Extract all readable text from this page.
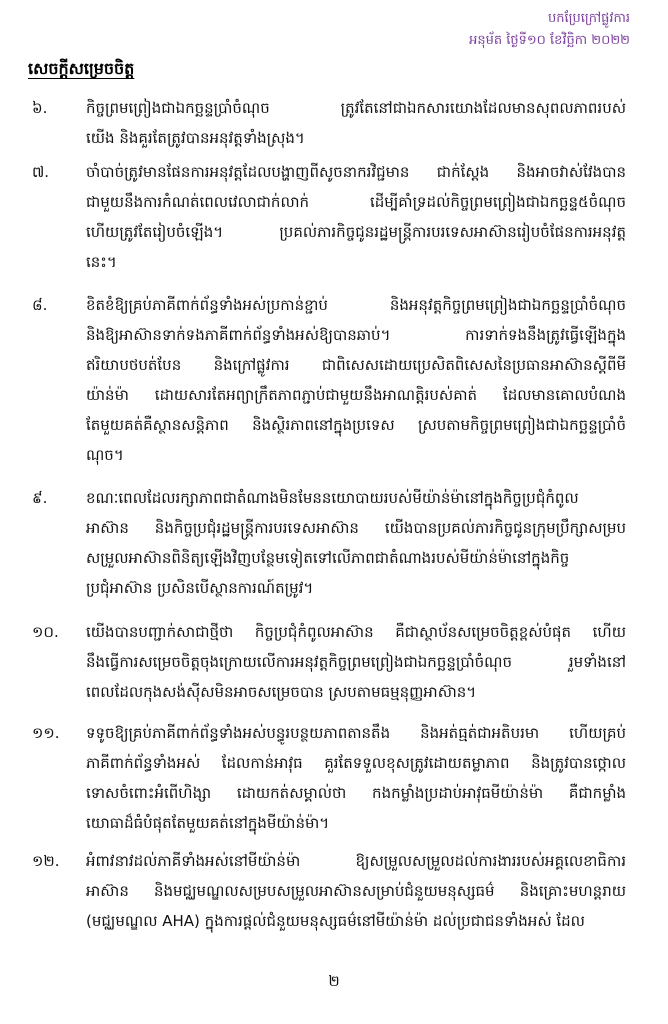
បកប្រែក្រៅផ្លូវការ
អនុម័ត ថ្ងៃទី១០ ខែវិច្ឆិកា ២០២២
សេចក្តីសម្រេចចិត្ត
៦.	កិច្ចព្រមព្រៀងជាឯកច្ឆន្ទប្រាំចំណុច ត្រូវតែនៅជាឯកសារយោងដែលមានសុពលភាពរបស់
យើង និងគួរតែត្រូវបានអនុវត្តទាំងស្រុង។
៧.	ចាំបាច់ត្រូវមានផែនការអនុវត្តដែលបង្ហាញពីសូចនាករវិជ្ជមាន ជាក់ស្តែង និងអាចវាស់វែងបាន
ជាមួយនឹងការកំណត់ពេលវេលាជាក់លាក់ ដើម្បីគាំទ្រដល់កិច្ចព្រមព្រៀងជាឯកច្ឆន្ទ៥ចំណុច
ហើយត្រូវតែរៀបចំឡើង។ ប្រគល់ភារកិច្ចជូនរដ្ឋមន្ត្រីការបរទេសអាស៊ានរៀបចំផែនការអនុវត្ត
នេះ។
៨.	ខិតខំឱ្យគ្រប់ភាគីពាក់ព័ន្ធទាំងអស់ប្រកាន់ខ្ជាប់ និងអនុវត្តកិច្ចព្រមព្រៀងជាឯកច្ឆន្ទប្រាំចំណុច
និងឱ្យអាស៊ានទាក់ទងភាគីពាក់ព័ន្ធទាំងអស់ឱ្យបានឆាប់។ ការទាក់ទងនឹងត្រូវធ្វើឡើងក្នុង
ឥរិយាបថបត់បែន និងក្រៅផ្លូវការ ជាពិសេសដោយប្រេសិតពិសេសនៃប្រធានអាស៊ានស្តីពីមី
យ៉ាន់ម៉ា ដោយសារតែអព្យាក្រឹតភាពភ្ជាប់ជាមួយនឹងអាណត្តិរបស់គាត់ ដែលមានគោលបំណង
តែមួយគត់គឺស្ថានសន្តិភាព និងស្ថិរភាពនៅក្នុងប្រទេស ស្របតាមកិច្ចព្រមព្រៀងជាឯកច្ឆន្ទប្រាំចំ
ណុច។
៩.	ខណៈពេលដែលរក្សាភាពជាតំណាងមិនមែននយោបាយរបស់មីយ៉ាន់ម៉ានៅក្នុងកិច្ចប្រជុំកំពូល
អាស៊ាន និងកិច្ចប្រជុំរដ្ឋមន្ត្រីការបរទេសអាស៊ាន យើងបានប្រគល់ភារកិច្ចជូនក្រុមប្រឹក្សាសម្រប
សម្រួលអាស៊ានពិនិត្យឡើងវិញបន្ថែមទៀតទៅលើភាពជាតំណាងរបស់មីយ៉ាន់ម៉ានៅក្នុងកិច្ច
ប្រជុំអាស៊ាន ប្រសិនបើស្ថានការណ៍តម្រូវ។
១០.	យើងបានបញ្ជាក់សាជាថ្មីថា កិច្ចប្រជុំកំពូលអាស៊ាន គឺជាស្ថាប័នសម្រេចចិត្តខ្ពស់បំផុត ហើយ
នឹងធ្វើការសម្រេចចិត្តចុងក្រោយលើការអនុវត្តកិច្ចព្រមព្រៀងជាឯកច្ឆន្ទប្រាំចំណុច រួមទាំងនៅ
ពេលដែលកុងសង់ស៊ីសមិនអាចសម្រេចបាន ស្របតាមធម្មនុញ្ញអាស៊ាន។
១១.	ទទូចឱ្យគ្រប់ភាគីពាក់ព័ន្ធទាំងអស់បន្ធូរបន្ថយភាពតានតឹង និងអត់ធ្មត់ជាអតិបរមា ហើយគ្រប់
ភាគីពាក់ព័ន្ធទាំងអស់ ដែលកាន់អាវុធ គួរតែទទួលខុសត្រូវដោយតម្លាភាព និងត្រូវបានថ្កោល
ទោសចំពោះអំពើហិង្សា ដោយកត់សម្គាល់ថា កងកម្លាំងប្រដាប់អាវុធមីយ៉ាន់ម៉ា គឺជាកម្លាំង
យោធាដ៏ធំបំផុតតែមួយគត់នៅក្នុងមីយ៉ាន់ម៉ា។
១២.	អំពាវនាវដល់ភាគីទាំងអស់នៅមីយ៉ាន់ម៉ា ឱ្យសម្រួលសម្រួលដល់ការងាររបស់អគ្គលេខាធិការ
អាស៊ាន និងមជ្ឈមណ្ឌលសម្របសម្រួលអាស៊ានសម្រាប់ជំនួយមនុស្សធម៌ និងគ្រោះមហន្តរាយ
(មជ្ឈមណ្ឌល AHA) ក្នុងការផ្តល់ជំនួយមនុស្សធម៌នៅមីយ៉ាន់ម៉ា ដល់ប្រជាជនទាំងអស់ ដែល
២
